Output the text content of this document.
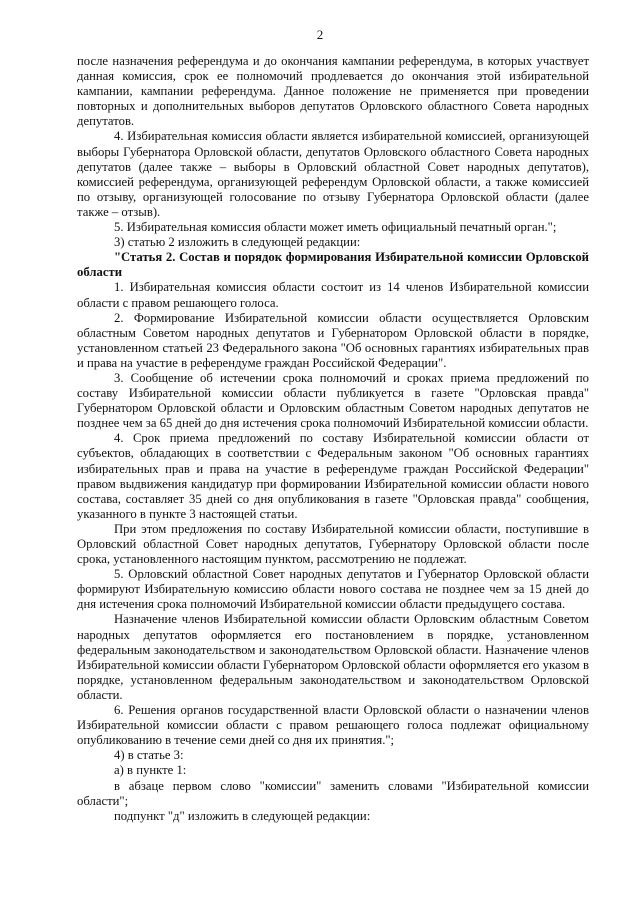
2

после назначения референдума и до окончания кампании референдума, в которых участвует данная комиссия, срок ее полномочий продлевается до окончания этой избирательной кампании, кампании референдума. Данное положение не применяется при проведении повторных и дополнительных выборов депутатов Орловского областного Совета народных депутатов.

4. Избирательная комиссия области является избирательной комиссией, организующей выборы Губернатора Орловской области, депутатов Орловского областного Совета народных депутатов (далее также – выборы в Орловский областной Совет народных депутатов), комиссией референдума, организующей референдум Орловской области, а также комиссией по отзыву, организующей голосование по отзыву Губернатора Орловской области (далее также – отзыв).

5. Избирательная комиссия области может иметь официальный печатный орган.";

3) статью 2 изложить в следующей редакции:

"Статья 2. Состав и порядок формирования Избирательной комиссии Орловской области

1. Избирательная комиссия области состоит из 14 членов Избирательной комиссии области с правом решающего голоса.

2. Формирование Избирательной комиссии области осуществляется Орловским областным Советом народных депутатов и Губернатором Орловской области в порядке, установленном статьей 23 Федерального закона "Об основных гарантиях избирательных прав и права на участие в референдуме граждан Российской Федерации".

3. Сообщение об истечении срока полномочий и сроках приема предложений по составу Избирательной комиссии области публикуется в газете "Орловская правда" Губернатором Орловской области и Орловским областным Советом народных депутатов не позднее чем за 65 дней до дня истечения срока полномочий Избирательной комиссии области.

4. Срок приема предложений по составу Избирательной комиссии области от субъектов, обладающих в соответствии с Федеральным законом "Об основных гарантиях избирательных прав и права на участие в референдуме граждан Российской Федерации" правом выдвижения кандидатур при формировании Избирательной комиссии области нового состава, составляет 35 дней со дня опубликования в газете "Орловская правда" сообщения, указанного в пункте 3 настоящей статьи.

При этом предложения по составу Избирательной комиссии области, поступившие в Орловский областной Совет народных депутатов, Губернатору Орловской области после срока, установленного настоящим пунктом, рассмотрению не подлежат.

5. Орловский областной Совет народных депутатов и Губернатор Орловской области формируют Избирательную комиссию области нового состава не позднее чем за 15 дней до дня истечения срока полномочий Избирательной комиссии области предыдущего состава.

Назначение членов Избирательной комиссии области Орловским областным Советом народных депутатов оформляется его постановлением в порядке, установленном федеральным законодательством и законодательством Орловской области. Назначение членов Избирательной комиссии области Губернатором Орловской области оформляется его указом в порядке, установленном федеральным законодательством и законодательством Орловской области.

6. Решения органов государственной власти Орловской области о назначении членов Избирательной комиссии области с правом решающего голоса подлежат официальному опубликованию в течение семи дней со дня их принятия.";

4) в статье 3:

а) в пункте 1:

в абзаце первом слово "комиссии" заменить словами "Избирательной комиссии области";

подпункт "д" изложить в следующей редакции:
